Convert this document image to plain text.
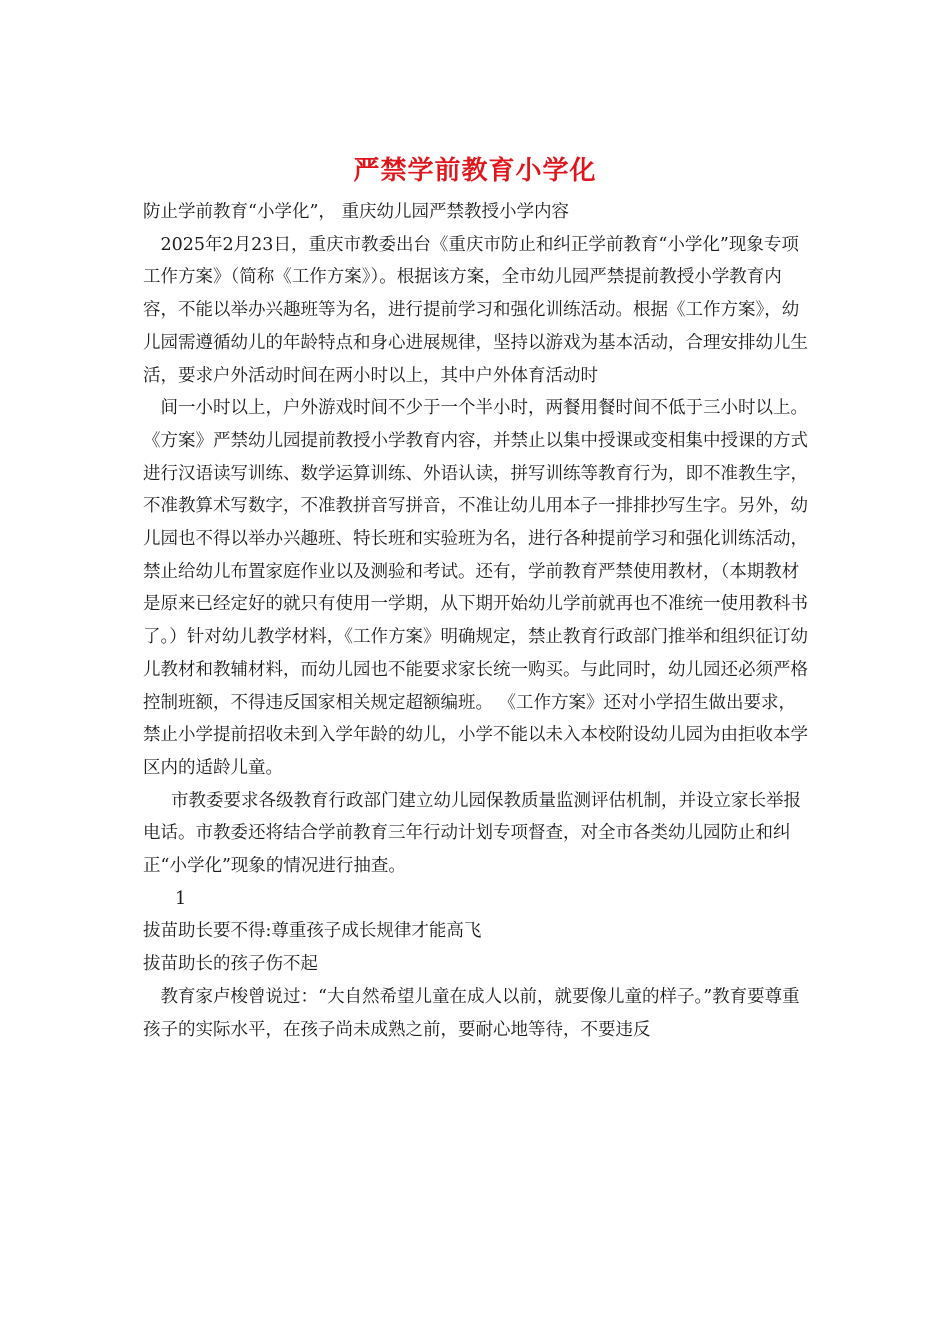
严禁学前教育小学化

防止学前教育“小学化”， 重庆幼儿园严禁教授小学内容

2025年2月23日，重庆市教委出台《重庆市防止和纠正学前教育“小学化”现象专项工作方案》（简称《工作方案》）。根据该方案，全市幼儿园严禁提前教授小学教育内容，不能以举办兴趣班等为名，进行提前学习和强化训练活动。根据《工作方案》，幼儿园需遵循幼儿的年龄特点和身心进展规律，坚持以游戏为基本活动，合理安排幼儿生活，要求户外活动时间在两小时以上，其中户外体育活动时

间一小时以上，户外游戏时间不少于一个半小时，两餐用餐时间不低于三小时以上。 《方案》严禁幼儿园提前教授小学教育内容，并禁止以集中授课或变相集中授课的方式进行汉语读写训练、数学运算训练、外语认读，拼写训练等教育行为，即不准教生字，不准教算术写数字，不准教拼音写拼音，不准让幼儿用本子一排排抄写生字。另外，幼儿园也不得以举办兴趣班、特长班和实验班为名，进行各种提前学习和强化训练活动，禁止给幼儿布置家庭作业以及测验和考试。还有，学前教育严禁使用教材，（本期教材是原来已经定好的就只有使用一学期，从下期开始幼儿学前就再也不准统一使用教科书了。）针对幼儿教学材料，《工作方案》明确规定，禁止教育行政部门推举和组织征订幼儿教材和教辅材料，而幼儿园也不能要求家长统一购买。与此同时，幼儿园还必须严格控制班额，不得违反国家相关规定超额编班。 《工作方案》还对小学招生做出要求，禁止小学提前招收未到入学年龄的幼儿，小学不能以未入本校附设幼儿园为由拒收本学区内的适龄儿童。

市教委要求各级教育行政部门建立幼儿园保教质量监测评估机制，并设立家长举报电话。市教委还将结合学前教育三年行动计划专项督查，对全市各类幼儿园防止和纠正“小学化”现象的情况进行抽查。

1

拔苗助长要不得:尊重孩子成长规律才能高飞

拔苗助长的孩子伤不起

教育家卢梭曾说过：“大自然希望儿童在成人以前，就要像儿童的样子。”教育要尊重孩子的实际水平，在孩子尚未成熟之前，要耐心地等待，不要违反
